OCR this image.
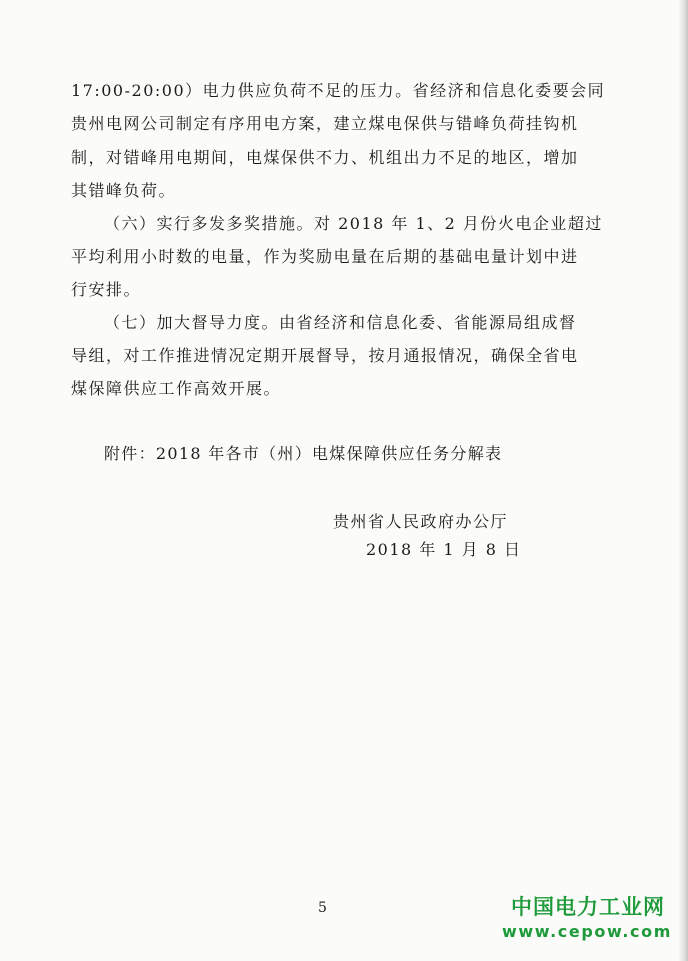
17:00-20:00）电力供应负荷不足的压力。省经济和信息化委要会同
贵州电网公司制定有序用电方案，建立煤电保供与错峰负荷挂钩机
制，对错峰用电期间，电煤保供不力、机组出力不足的地区，增加
其错峰负荷。
（六）实行多发多奖措施。对 2018 年 1、2 月份火电企业超过
平均利用小时数的电量，作为奖励电量在后期的基础电量计划中进
行安排。
（七）加大督导力度。由省经济和信息化委、省能源局组成督
导组，对工作推进情况定期开展督导，按月通报情况，确保全省电
煤保障供应工作高效开展。
附件：2018 年各市（州）电煤保障供应任务分解表
贵州省人民政府办公厅
2018 年 1 月 8 日
5	中国电力工业网
www.cepow.com
